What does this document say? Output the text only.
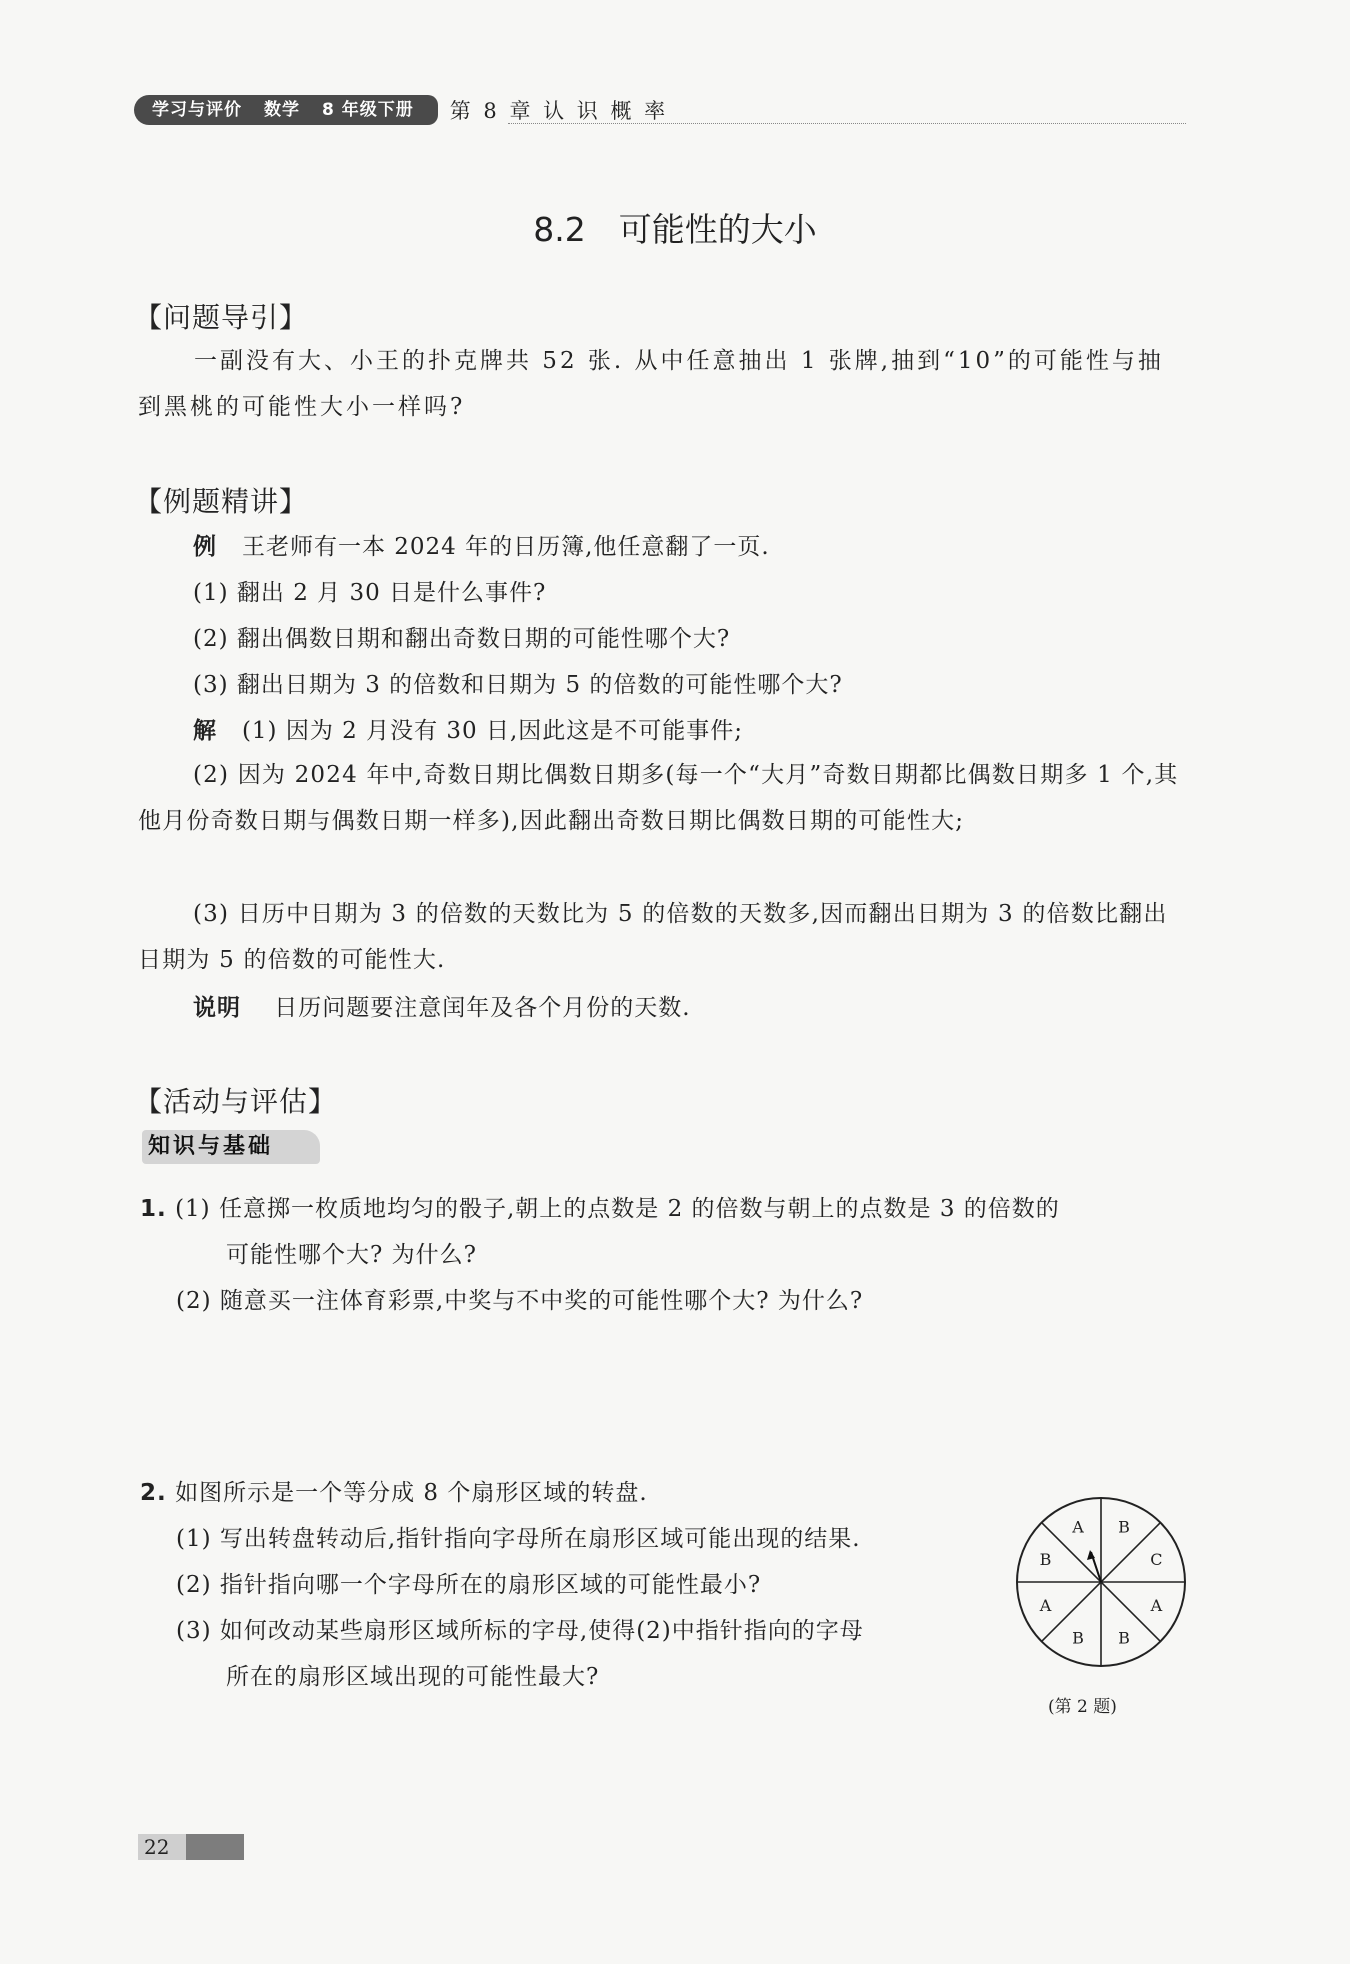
学习与评价 数学 8 年级下册	第 8 章 认 识 概 率
8.2　可能性的大小
【问题导引】
一副没有大、小王的扑克牌共 52 张. 从中任意抽出 1 张牌,抽到“10”的可能性与抽到黑桃的可能性大小一样吗?
【例题精讲】
例 王老师有一本 2024 年的日历簿,他任意翻了一页.
(1) 翻出 2 月 30 日是什么事件?
(2) 翻出偶数日期和翻出奇数日期的可能性哪个大?
(3) 翻出日期为 3 的倍数和日期为 5 的倍数的可能性哪个大?
解 (1) 因为 2 月没有 30 日,因此这是不可能事件;
(2) 因为 2024 年中,奇数日期比偶数日期多(每一个“大月”奇数日期都比偶数日期多 1 个,其他月份奇数日期与偶数日期一样多),因此翻出奇数日期比偶数日期的可能性大;
(3) 日历中日期为 3 的倍数的天数比为 5 的倍数的天数多,因而翻出日期为 3 的倍数比翻出日期为 5 的倍数的可能性大.
说明 日历问题要注意闰年及各个月份的天数.
【活动与评估】
知识与基础
1. (1) 任意掷一枚质地均匀的骰子,朝上的点数是 2 的倍数与朝上的点数是 3 的倍数的
可能性哪个大? 为什么?
(2) 随意买一注体育彩票,中奖与不中奖的可能性哪个大? 为什么?
2. 如图所示是一个等分成 8 个扇形区域的转盘.
(1) 写出转盘转动后,指针指向字母所在扇形区域可能出现的结果.
(2) 指针指向哪一个字母所在的扇形区域的可能性最小?
(3) 如何改动某些扇形区域所标的字母,使得(2)中指针指向的字母
所在的扇形区域出现的可能性最大?
A B
C
A
B
B
A
B
(第 2 题)
22
